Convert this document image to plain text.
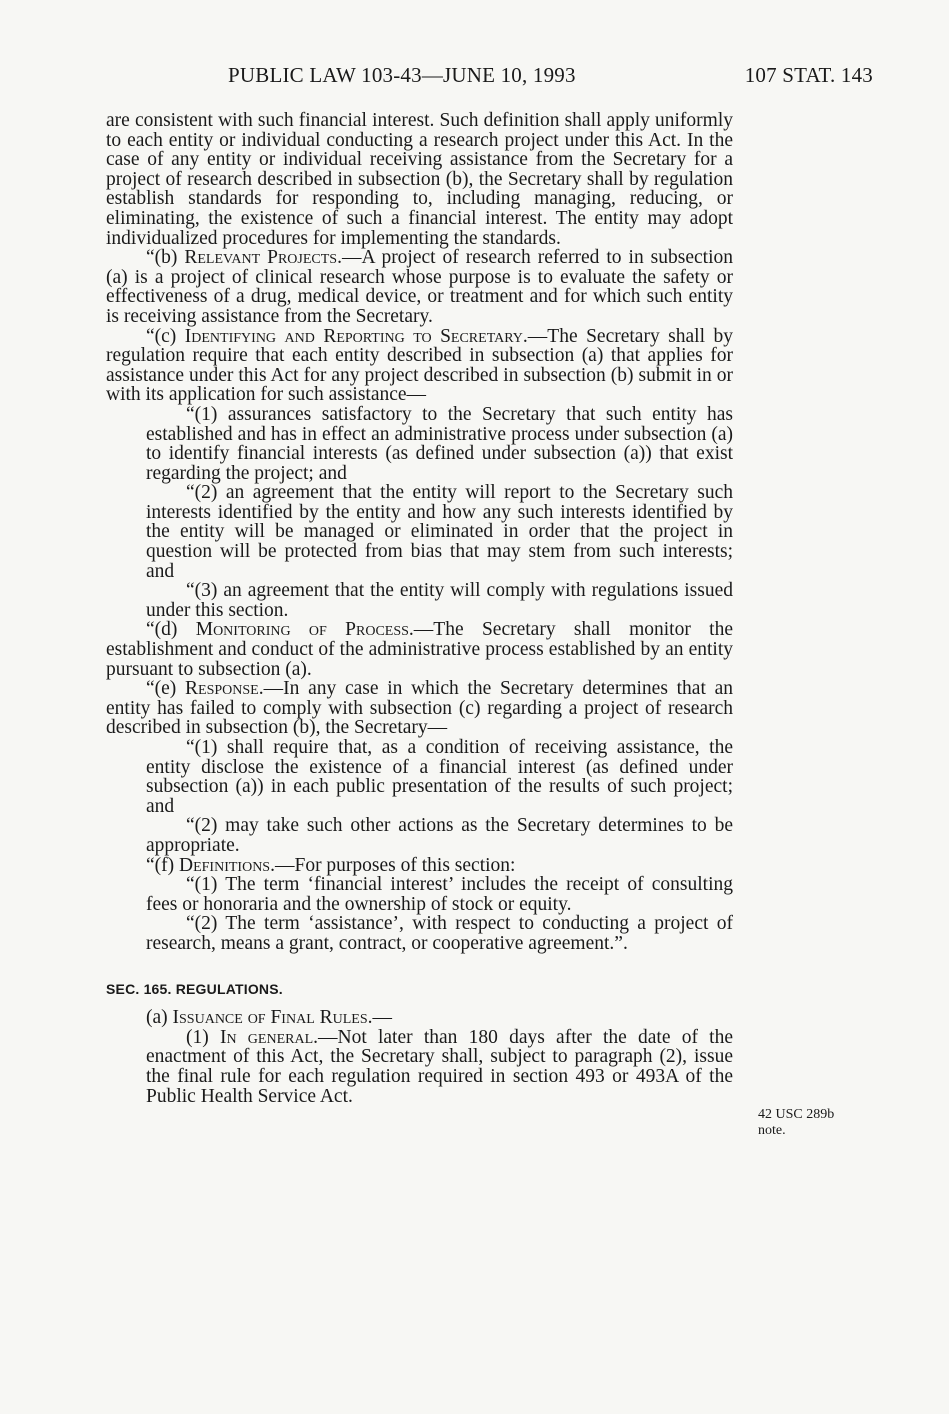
PUBLIC LAW 103-43—JUNE 10, 1993	107 STAT. 143

are consistent with such financial interest. Such definition shall apply uniformly to each entity or individual conducting a research project under this Act. In the case of any entity or individual receiving assistance from the Secretary for a project of research described in subsection (b), the Secretary shall by regulation establish standards for responding to, including managing, reducing, or eliminating, the existence of such a financial interest. The entity may adopt individualized procedures for implementing the standards.

“(b) Relevant Projects.—A project of research referred to in subsection (a) is a project of clinical research whose purpose is to evaluate the safety or effectiveness of a drug, medical device, or treatment and for which such entity is receiving assistance from the Secretary.

“(c) Identifying and Reporting to Secretary.—The Secretary shall by regulation require that each entity described in subsection (a) that applies for assistance under this Act for any project described in subsection (b) submit in or with its application for such assistance—

“(1) assurances satisfactory to the Secretary that such entity has established and has in effect an administrative process under subsection (a) to identify financial interests (as defined under subsection (a)) that exist regarding the project; and

“(2) an agreement that the entity will report to the Secretary such interests identified by the entity and how any such interests identified by the entity will be managed or eliminated in order that the project in question will be protected from bias that may stem from such interests; and

“(3) an agreement that the entity will comply with regulations issued under this section.

“(d) Monitoring of Process.—The Secretary shall monitor the establishment and conduct of the administrative process established by an entity pursuant to subsection (a).

“(e) Response.—In any case in which the Secretary determines that an entity has failed to comply with subsection (c) regarding a project of research described in subsection (b), the Secretary—

“(1) shall require that, as a condition of receiving assistance, the entity disclose the existence of a financial interest (as defined under subsection (a)) in each public presentation of the results of such project; and

“(2) may take such other actions as the Secretary determines to be appropriate.

“(f) Definitions.—For purposes of this section:

“(1) The term ‘financial interest’ includes the receipt of consulting fees or honoraria and the ownership of stock or equity.

“(2) The term ‘assistance’, with respect to conducting a project of research, means a grant, contract, or cooperative agreement.”.

SEC. 165. REGULATIONS.

(a) Issuance of Final Rules.—

(1) In general.—Not later than 180 days after the date of the enactment of this Act, the Secretary shall, subject to paragraph (2), issue the final rule for each regulation required in section 493 or 493A of the Public Health Service Act.

42 USC 289b
note.
